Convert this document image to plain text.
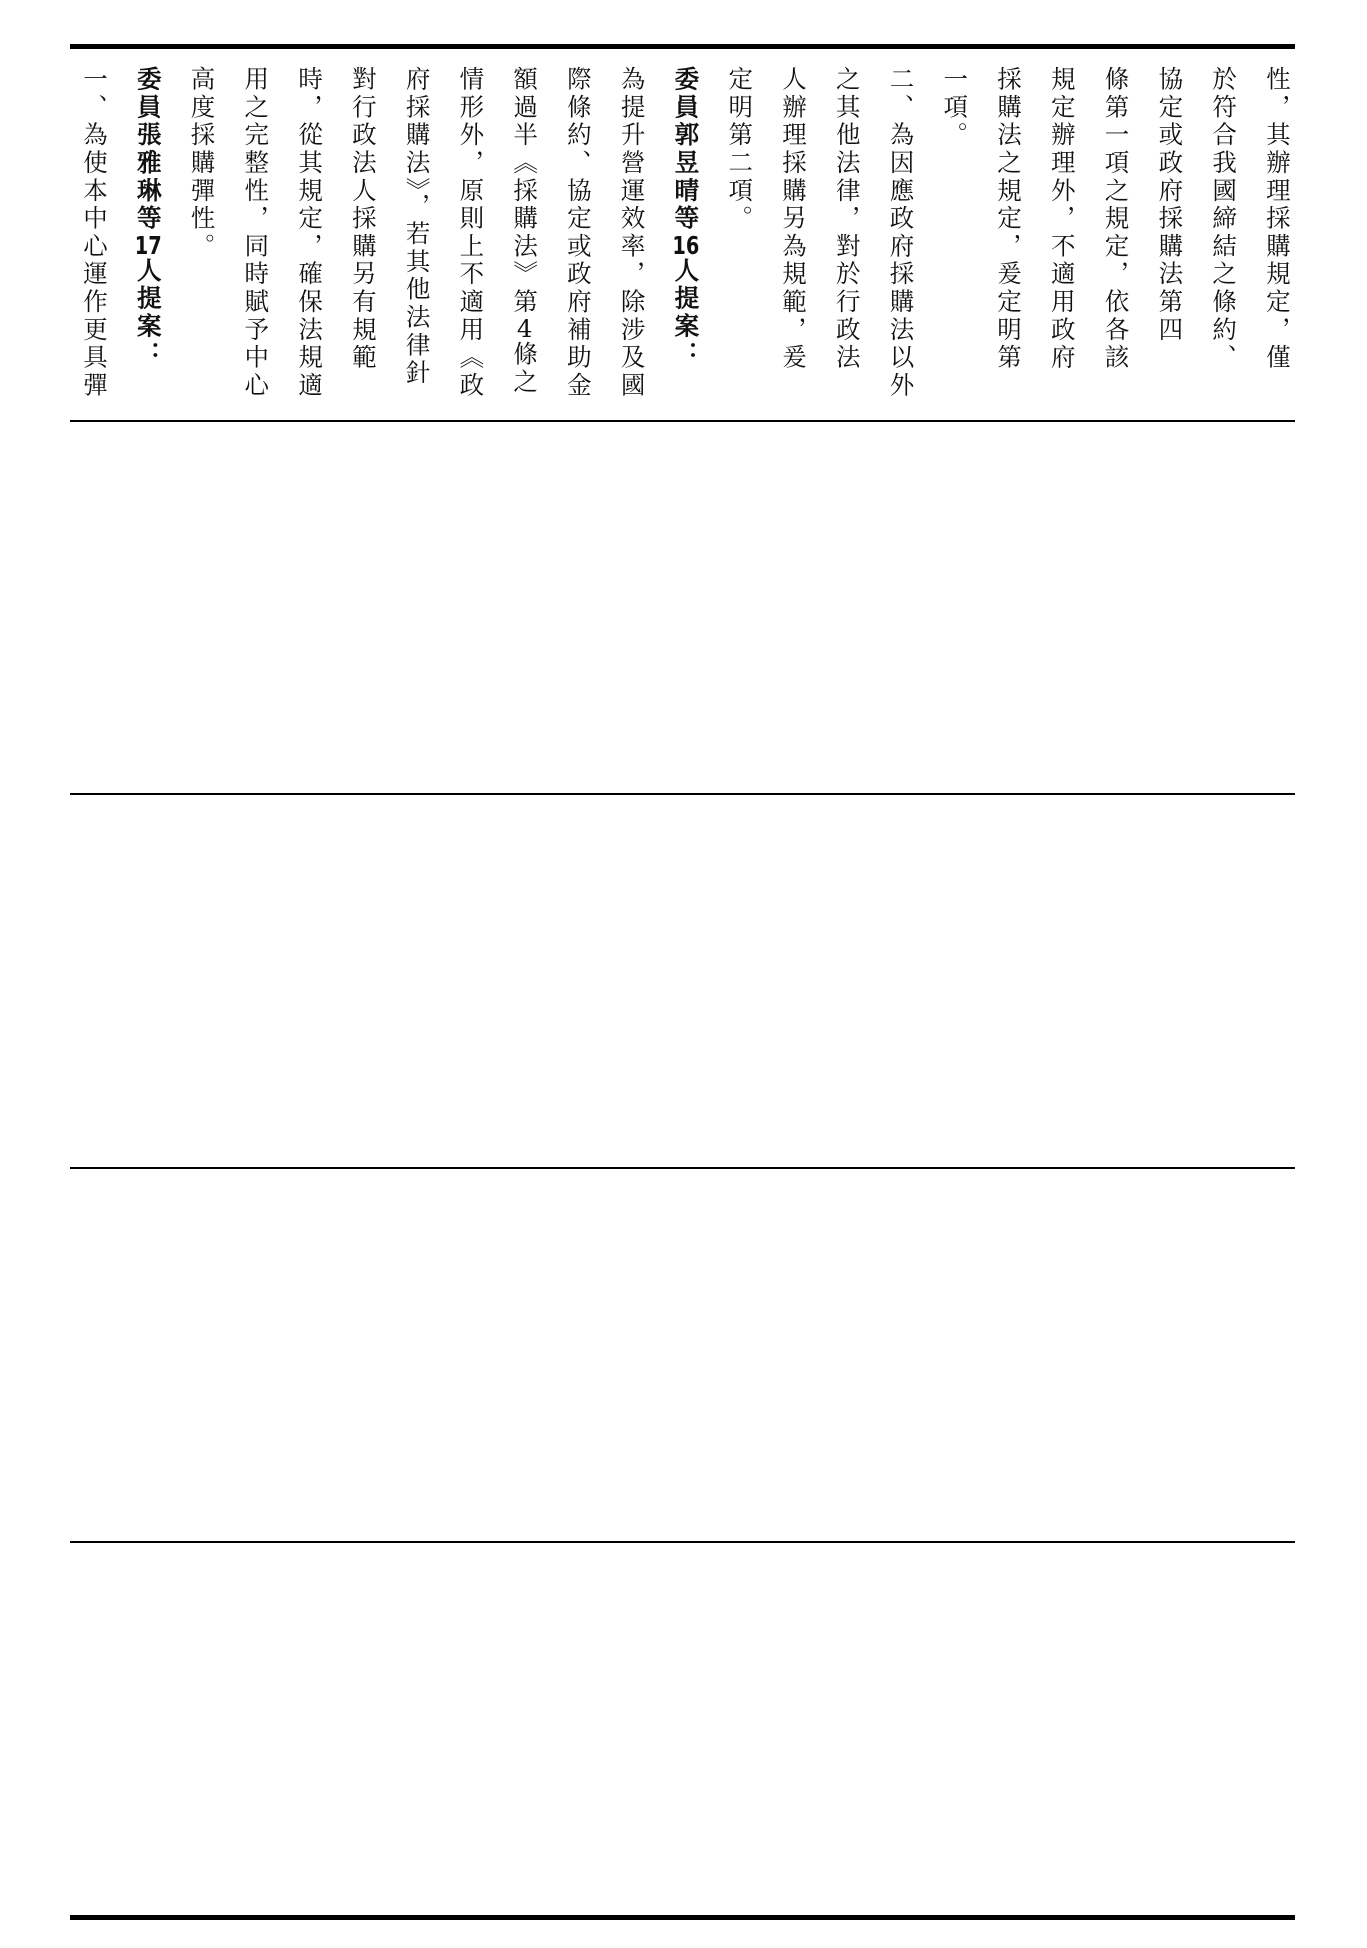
性，其辦理採購規定，僅
於符合我國締結之條約、
協定或政府採購法第四
條第一項之規定，依各該
規定辦理外，不適用政府
採購法之規定，爰定明第
一項。
二、為因應政府採購法以外
之其他法律，對於行政法
人辦理採購另為規範，爰
定明第二項。
委員郭昱晴等16人提案：
為提升營運效率，除涉及國
際條約、協定或政府補助金
額過半《採購法》第4條之
情形外，原則上不適用《政
府採購法》，若其他法律針
對行政法人採購另有規範
時，從其規定，確保法規適
用之完整性，同時賦予中心
高度採購彈性。
委員張雅琳等17人提案：
一、為使本中心運作更具彈
